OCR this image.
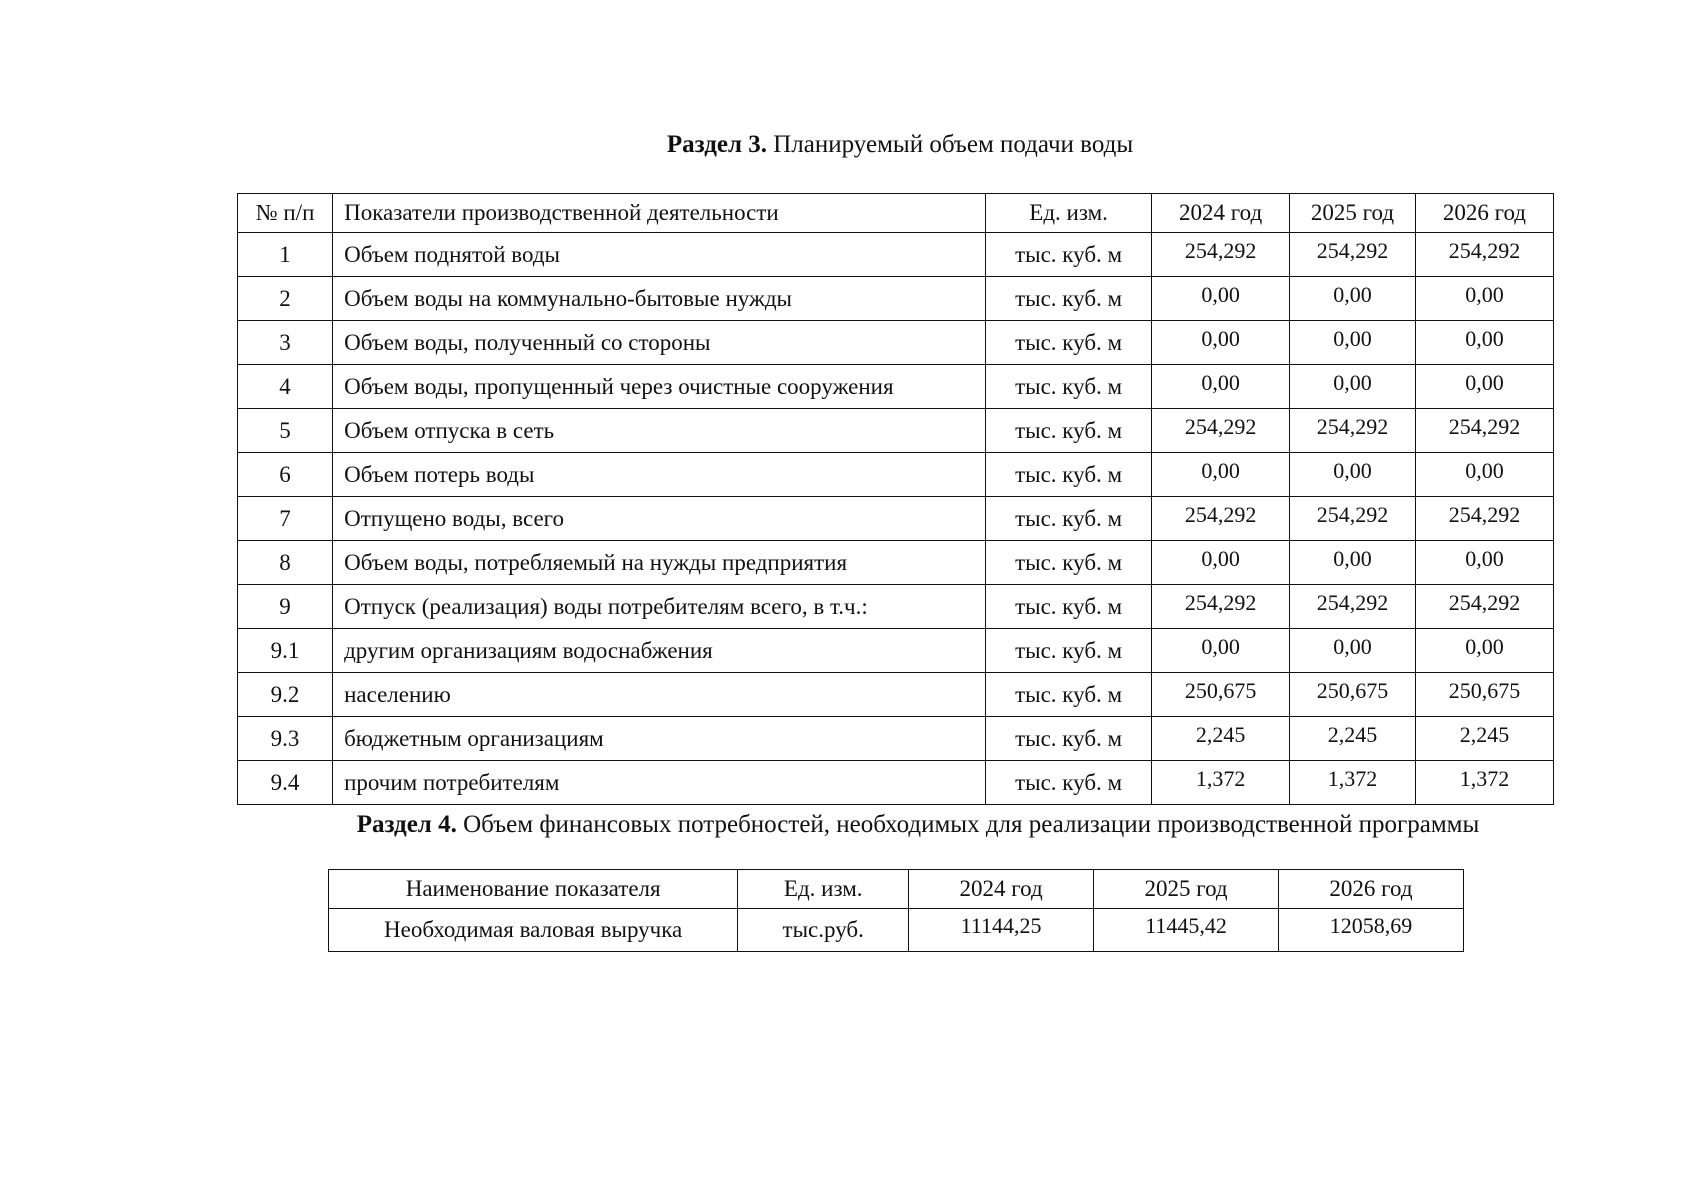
Раздел 3. Планируемый объем подачи воды
№ п/п	Показатели производственной деятельности	Ед. изм.	2024 год	2025 год	2026 год
1	Объем поднятой воды	тыс. куб. м	254,292	254,292	254,292
2	Объем воды на коммунально-бытовые нужды	тыс. куб. м	0,00	0,00	0,00
3	Объем воды, полученный со стороны	тыс. куб. м	0,00	0,00	0,00
4	Объем воды, пропущенный через очистные сооружения	тыс. куб. м	0,00	0,00	0,00
5	Объем отпуска в сеть	тыс. куб. м	254,292	254,292	254,292
6	Объем потерь воды	тыс. куб. м	0,00	0,00	0,00
7	Отпущено воды, всего	тыс. куб. м	254,292	254,292	254,292
8	Объем воды, потребляемый на нужды предприятия	тыс. куб. м	0,00	0,00	0,00
9	Отпуск (реализация) воды потребителям всего, в т.ч.:	тыс. куб. м	254,292	254,292	254,292
9.1	другим организациям водоснабжения	тыс. куб. м	0,00	0,00	0,00
9.2	населению	тыс. куб. м	250,675	250,675	250,675
9.3	бюджетным организациям	тыс. куб. м	2,245	2,245	2,245
9.4	прочим потребителям	тыс. куб. м	1,372	1,372	1,372
Раздел 4. Объем финансовых потребностей, необходимых для реализации производственной программы
Наименование показателя	Ед. изм.	2024 год	2025 год	2026 год
Необходимая валовая выручка	тыс.руб.	11144,25	11445,42	12058,69
